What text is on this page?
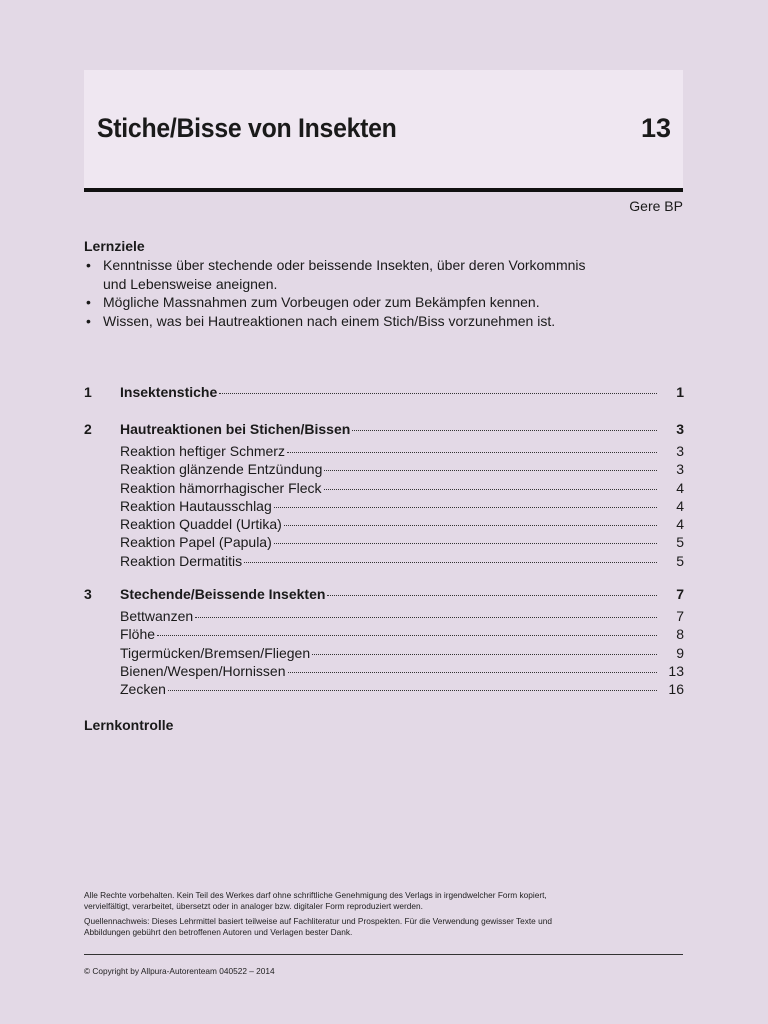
Stiche/Bisse von Insekten	13
Gere BP
Lernziele
• Kenntnisse über stechende oder beissende Insekten, über deren Vorkommnis und Lebensweise aneignen.
• Mögliche Massnahmen zum Vorbeugen oder zum Bekämpfen kennen.
• Wissen, was bei Hautreaktionen nach einem Stich/Biss vorzunehmen ist.
1	Insektenstiche	1
2	Hautreaktionen bei Stichen/Bissen	3
Reaktion heftiger Schmerz	3
Reaktion glänzende Entzündung	3
Reaktion hämorrhagischer Fleck	4
Reaktion Hautausschlag	4
Reaktion Quaddel (Urtika)	4
Reaktion Papel (Papula)	5
Reaktion Dermatitis	5
3	Stechende/Beissende Insekten	7
Bettwanzen	7
Flöhe	8
Tigermücken/Bremsen/Fliegen	9
Bienen/Wespen/Hornissen	13
Zecken	16
Lernkontrolle
Alle Rechte vorbehalten. Kein Teil des Werkes darf ohne schriftliche Genehmigung des Verlags in irgendwelcher Form kopiert, vervielfältigt, verarbeitet, übersetzt oder in analoger bzw. digitaler Form reproduziert werden.
Quellennachweis: Dieses Lehrmittel basiert teilweise auf Fachliteratur und Prospekten. Für die Verwendung gewisser Texte und Abbildungen gebührt den betroffenen Autoren und Verlagen bester Dank.
© Copyright by Allpura-Autorenteam 040522 – 2014
